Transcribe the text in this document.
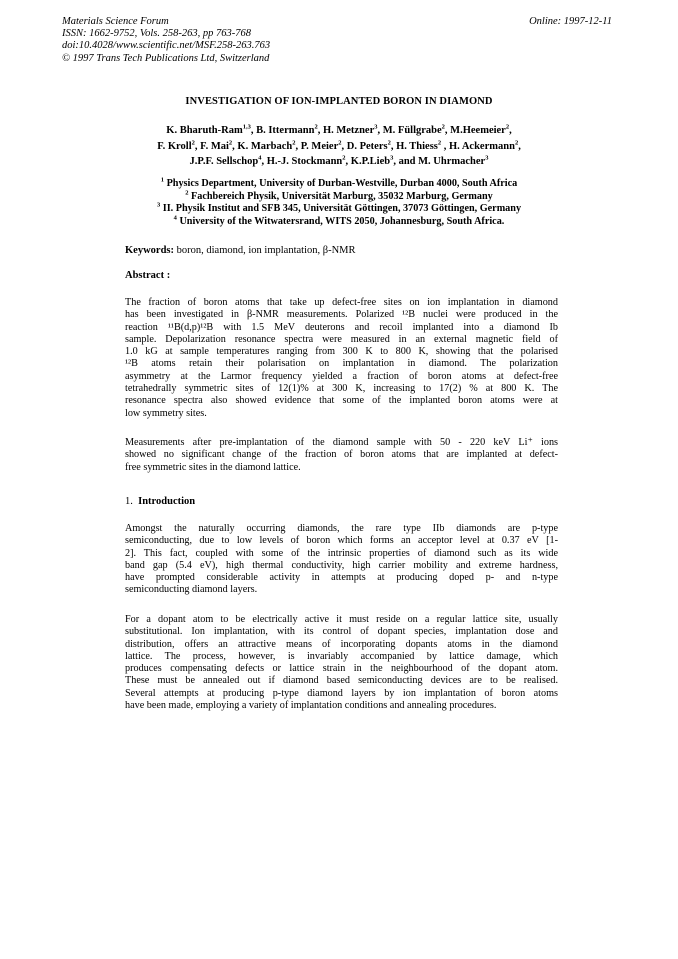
Materials Science Forum
ISSN: 1662-9752, Vols. 258-263, pp 763-768
doi:10.4028/www.scientific.net/MSF.258-263.763
© 1997 Trans Tech Publications Ltd, Switzerland
Online: 1997-12-11
INVESTIGATION OF ION-IMPLANTED BORON IN DIAMOND
K. Bharuth-Ram$^{1,3}$, B. Ittermann$^2$, H. Metzner$^3$, M. Füllgrabe$^2$, M.Heemeier$^2$,
F. Kroll$^2$, F. Mai$^2$, K. Marbach$^2$, P. Meier$^2$, D. Peters$^2$, H. Thiess$^2$ , H. Ackermann$^2$,
J.P.F. Sellschop$^4$, H.-J. Stockmann$^2$, K.P.Lieb$^3$, and M. Uhrmacher$^3$
$^1$ Physics Department, University of Durban-Westville, Durban 4000, South Africa
$^2$ Fachbereich Physik, Universität Marburg, 35032 Marburg, Germany
$^3$ II. Physik Institut and SFB 345, Universität Göttingen, 37073 Göttingen, Germany
$^4$ University of the Witwatersrand, WITS 2050, Johannesburg, South Africa.
Keywords: boron, diamond, ion implantation, β-NMR
Abstract :
The fraction of boron atoms that take up defect-free sites on ion implantation in diamond
has been investigated in β-NMR measurements. Polarized ¹²B nuclei were produced in the
reaction ¹¹B(d,p)¹²B with 1.5 MeV deuterons and recoil implanted into a diamond Ib
sample. Depolarization resonance spectra were measured in an external magnetic field of
1.0 kG at sample temperatures ranging from 300 K to 800 K, showing that the polarised
¹²B atoms retain their polarisation on implantation in diamond. The polarization
asymmetry at the Larmor frequency yielded a fraction of boron atoms at defect-free
tetrahedrally symmetric sites of 12(1)% at 300 K, increasing to 17(2) % at 800 K. The
resonance spectra also showed evidence that some of the implanted boron atoms were at
low symmetry sites.
Measurements after pre-implantation of the diamond sample with 50 - 220 keV Li⁺ ions
showed no significant change of the fraction of boron atoms that are implanted at defect-
free symmetric sites in the diamond lattice.
1. Introduction
Amongst the naturally occurring diamonds, the rare type IIb diamonds are p-type
semiconducting, due to low levels of boron which forms an acceptor level at 0.37 eV [1-
2]. This fact, coupled with some of the intrinsic properties of diamond such as its wide
band gap (5.4 eV), high thermal conductivity, high carrier mobility and extreme hardness,
have prompted considerable activity in attempts at producing doped p- and n-type
semiconducting diamond layers.
For a dopant atom to be electrically active it must reside on a regular lattice site, usually
substitutional. Ion implantation, with its control of dopant species, implantation dose and
distribution, offers an attractive means of incorporating dopants atoms in the diamond
lattice. The process, however, is invariably accompanied by lattice damage, which
produces compensating defects or lattice strain in the neighbourhood of the dopant atom.
These must be annealed out if diamond based semiconducting devices are to be realised.
Several attempts at producing p-type diamond layers by ion implantation of boron atoms
have been made, employing a variety of implantation conditions and annealing procedures.
